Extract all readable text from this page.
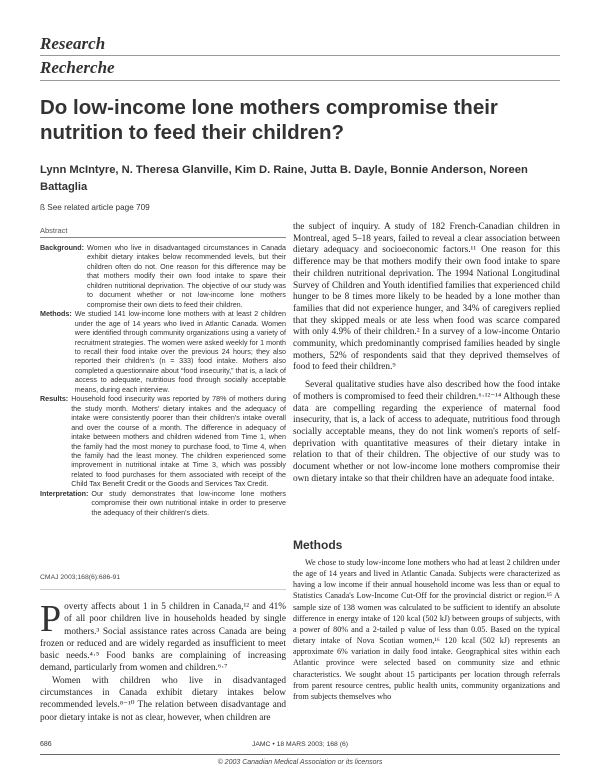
Research
Recherche
Do low-income lone mothers compromise their nutrition to feed their children?
Lynn McIntyre, N. Theresa Glanville, Kim D. Raine, Jutta B. Dayle, Bonnie Anderson, Noreen Battaglia
ß See related article page 709
Abstract
Background: Women who live in disadvantaged circumstances in Canada exhibit dietary intakes below recommended levels, but their children often do not. One reason for this difference may be that mothers modify their own food intake to spare their children nutritional deprivation. The objective of our study was to document whether or not low-income lone mothers compromise their own diets to feed their children.
Methods: We studied 141 low-income lone mothers with at least 2 children under the age of 14 years who lived in Atlantic Canada. Women were identified through community organizations using a variety of recruitment strategies. The women were asked weekly for 1 month to recall their food intake over the previous 24 hours; they also reported their children's (n = 333) food intake. Mothers also completed a questionnaire about “food insecurity,” that is, a lack of access to adequate, nutritious food through socially acceptable means, during each interview.
Results: Household food insecurity was reported by 78% of mothers during the study month. Mothers' dietary intakes and the adequacy of intake were consistently poorer than their children's intake overall and over the course of a month. The difference in adequacy of intake between mothers and children widened from Time 1, when the family had the most money to purchase food, to Time 4, when the family had the least money. The children experienced some improvement in nutritional intake at Time 3, which was possibly related to food purchases for them associated with receipt of the Child Tax Benefit Credit or the Goods and Services Tax Credit.
Interpretation: Our study demonstrates that low-income lone mothers compromise their own nutritional intake in order to preserve the adequacy of their children's diets.
CMAJ 2003;168(6):686-91

Poverty affects about 1 in 5 children in Canada,¹² and 41% of all poor children live in households headed by single mothers.³ Social assistance rates across Canada are being frozen or reduced and are widely regarded as insufficient to meet basic needs.⁴·⁵ Food banks are complaining of increasing demand, particularly from women and children.⁶·⁷

Women with children who live in disadvantaged circumstances in Canada exhibit dietary intakes below recommended levels.⁸⁻¹⁰ The relation between disadvantage and poor dietary intake is not as clear, however, when children are

the subject of inquiry. A study of 182 French-Canadian children in Montreal, aged 5–18 years, failed to reveal a clear association between dietary adequacy and socioeconomic factors.¹¹ One reason for this difference may be that mothers modify their own food intake to spare their children nutritional deprivation. The 1994 National Longitudinal Survey of Children and Youth identified families that experienced child hunger to be 8 times more likely to be headed by a lone mother than families that did not experience hunger, and 34% of caregivers replied that they skipped meals or ate less when food was scarce compared with only 4.9% of their children.² In a survey of a low-income Ontario community, which predominantly comprised families headed by single mothers, 52% of respondents said that they deprived themselves of food to feed their children.⁹

Several qualitative studies have also described how the food intake of mothers is compromised to feed their children.⁶·¹²⁻¹⁴ Although these data are compelling regarding the experience of maternal food insecurity, that is, a lack of access to adequate, nutritious food through socially acceptable means, they do not link women's reports of self-deprivation with quantitative measures of their dietary intake in relation to that of their children. The objective of our study was to document whether or not low-income lone mothers compromise their own dietary intake so that their children have an adequate food intake.

Methods

We chose to study low-income lone mothers who had at least 2 children under the age of 14 years and lived in Atlantic Canada. Subjects were characterized as having a low income if their annual household income was less than or equal to Statistics Canada's Low-Income Cut-Off for the provincial district or region.¹⁵ A sample size of 138 women was calculated to be sufficient to identify an absolute difference in energy intake of 120 kcal (502 kJ) between groups of subjects, with a power of 80% and a 2-tailed p value of less than 0.05. Based on the typical dietary intake of Nova Scotian women,¹⁶ 120 kcal (502 kJ) represents an approximate 6% variation in daily food intake. Geographical sites within each Atlantic province were selected based on community size and ethnic characteristics. We sought about 15 participants per location through referrals from parent resource centres, public health units, community organizations and from subjects themselves who

686	JAMC • 18 MARS 2003; 168 (6)
© 2003 Canadian Medical Association or its licensors
